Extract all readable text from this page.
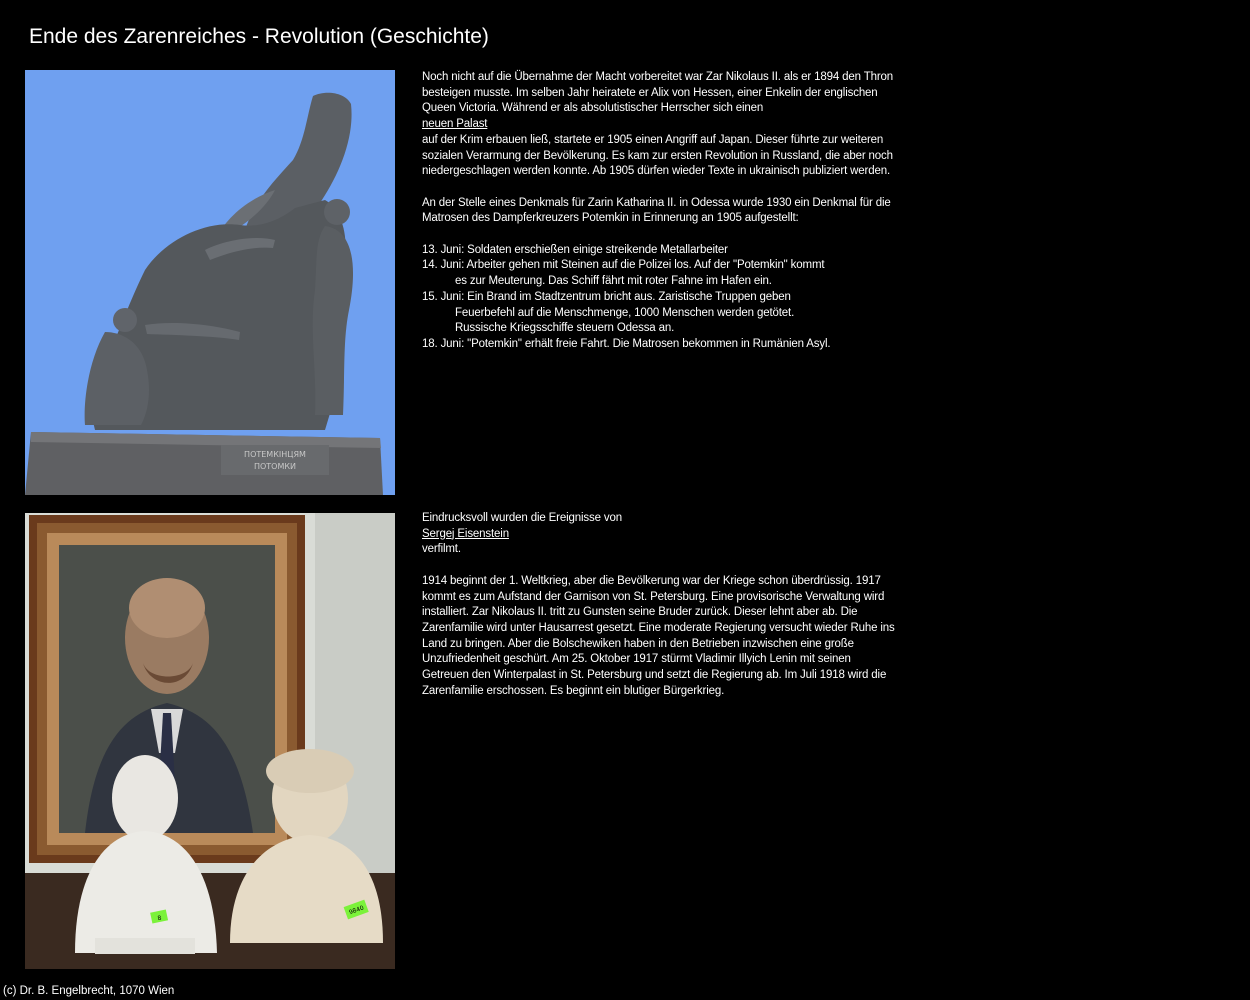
Ende des Zarenreiches - Revolution (Geschichte)
ПОТЕМКІНЦЯМ
ПОТОМКИ

Noch nicht auf die Übernahme der Macht vorbereitet war Zar Nikolaus II. als er 1894 den Thron besteigen musste. Im selben Jahr heiratete er Alix von Hessen, einer Enkelin der englischen Queen Victoria. Während er als absolutistischer Herrscher sich einen

neuen Palast

auf der Krim erbauen ließ, startete er 1905 einen Angriff auf Japan. Dieser führte zur weiteren sozialen Verarmung der Bevölkerung. Es kam zur ersten Revolution in Russland, die aber noch niedergeschlagen werden konnte. Ab 1905 dürfen wieder Texte in ukrainisch publiziert werden.

An der Stelle eines Denkmals für Zarin Katharina II. in Odessa wurde 1930 ein Denkmal für die Matrosen des Dampferkreuzers Potemkin in Erinnerung an 1905 aufgestellt:

13. Juni: Soldaten erschießen einige streikende Metallarbeiter
14. Juni: Arbeiter gehen mit Steinen auf die Polizei los. Auf der "Potemkin" kommt
es zur Meuterung. Das Schiff fährt mit roter Fahne im Hafen ein.
15. Juni: Ein Brand im Stadtzentrum bricht aus. Zaristische Truppen geben
Feuerbefehl auf die Menschmenge, 1000 Menschen werden getötet.
Russische Kriegsschiffe steuern Odessa an.
18. Juni: "Potemkin" erhält freie Fahrt. Die Matrosen bekommen in Rumänien Asyl.
8
9840

Eindrucksvoll wurden die Ereignisse von

Sergej Eisenstein

verfilmt.

1914 beginnt der 1. Weltkrieg, aber die Bevölkerung war der Kriege schon überdrüssig. 1917 kommt es zum Aufstand der Garnison von St. Petersburg. Eine provisorische Verwaltung wird installiert. Zar Nikolaus II. tritt zu Gunsten seine Bruder zurück. Dieser lehnt aber ab. Die Zarenfamilie wird unter Hausarrest gesetzt. Eine moderate Regierung versucht wieder Ruhe ins Land zu bringen. Aber die Bolschewiken haben in den Betrieben inzwischen eine große Unzufriedenheit geschürt. Am 25. Oktober 1917 stürmt Vladimir Illyich Lenin mit seinen Getreuen den Winterpalast in St. Petersburg und setzt die Regierung ab. Im Juli 1918 wird die Zarenfamilie erschossen. Es beginnt ein blutiger Bürgerkrieg.

(c) Dr. B. Engelbrecht, 1070 Wien
